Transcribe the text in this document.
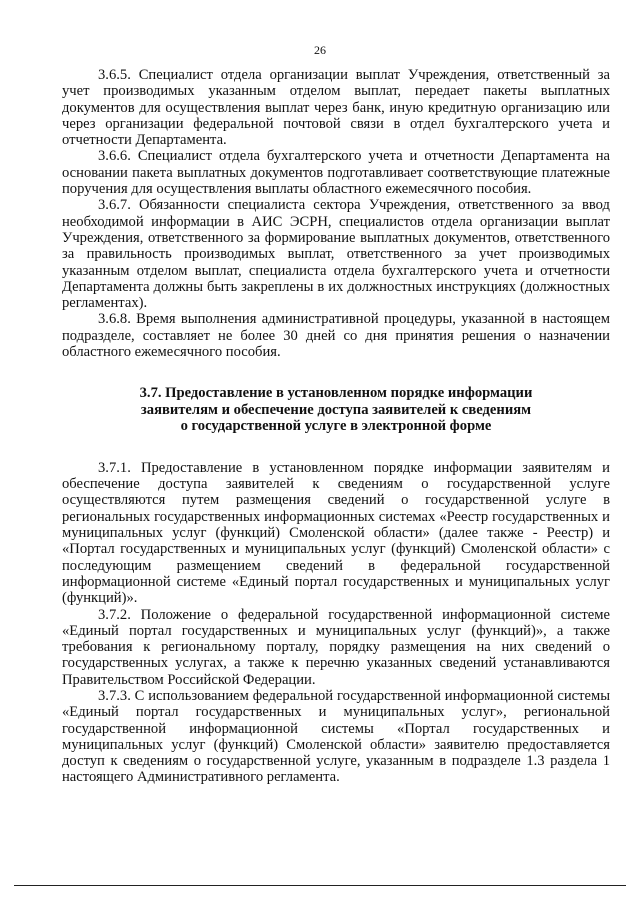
26

3.6.5. Специалист отдела организации выплат Учреждения, ответственный за учет производимых указанным отделом выплат, передает пакеты выплатных документов для осуществления выплат через банк, иную кредитную организацию или через организации федеральной почтовой связи в отдел бухгалтерского учета и отчетности Департамента.

3.6.6. Специалист отдела бухгалтерского учета и отчетности Департамента на основании пакета выплатных документов подготавливает соответствующие платежные поручения для осуществления выплаты областного ежемесячного пособия.

3.6.7. Обязанности специалиста сектора Учреждения, ответственного за ввод необходимой информации в АИС ЭСРН, специалистов отдела организации выплат Учреждения, ответственного за формирование выплатных документов, ответственного за правильность производимых выплат, ответственного за учет производимых указанным отделом выплат, специалиста отдела бухгалтерского учета и отчетности Департамента должны быть закреплены в их должностных инструкциях (должностных регламентах).

3.6.8. Время выполнения административной процедуры, указанной в настоящем подразделе, составляет не более 30 дней со дня принятия решения о назначении областного ежемесячного пособия.

3.7. Предоставление в установленном порядке информации
заявителям и обеспечение доступа заявителей к сведениям
о государственной услуге в электронной форме

3.7.1. Предоставление в установленном порядке информации заявителям и обеспечение доступа заявителей к сведениям о государственной услуге осуществляются путем размещения сведений о государственной услуге в региональных государственных информационных системах «Реестр государственных и муниципальных услуг (функций) Смоленской области» (далее также - Реестр) и «Портал государственных и муниципальных услуг (функций) Смоленской области» с последующим размещением сведений в федеральной государственной информационной системе «Единый портал государственных и муниципальных услуг (функций)».

3.7.2. Положение о федеральной государственной информационной системе «Единый портал государственных и муниципальных услуг (функций)», а также требования к региональному порталу, порядку размещения на них сведений о государственных услугах, а также к перечню указанных сведений устанавливаются Правительством Российской Федерации.

3.7.3. С использованием федеральной государственной информационной системы «Единый портал государственных и муниципальных услуг», региональной государственной информационной системы «Портал государственных и муниципальных услуг (функций) Смоленской области» заявителю предоставляется доступ к сведениям о государственной услуге, указанным в подразделе 1.3 раздела 1 настоящего Административного регламента.
